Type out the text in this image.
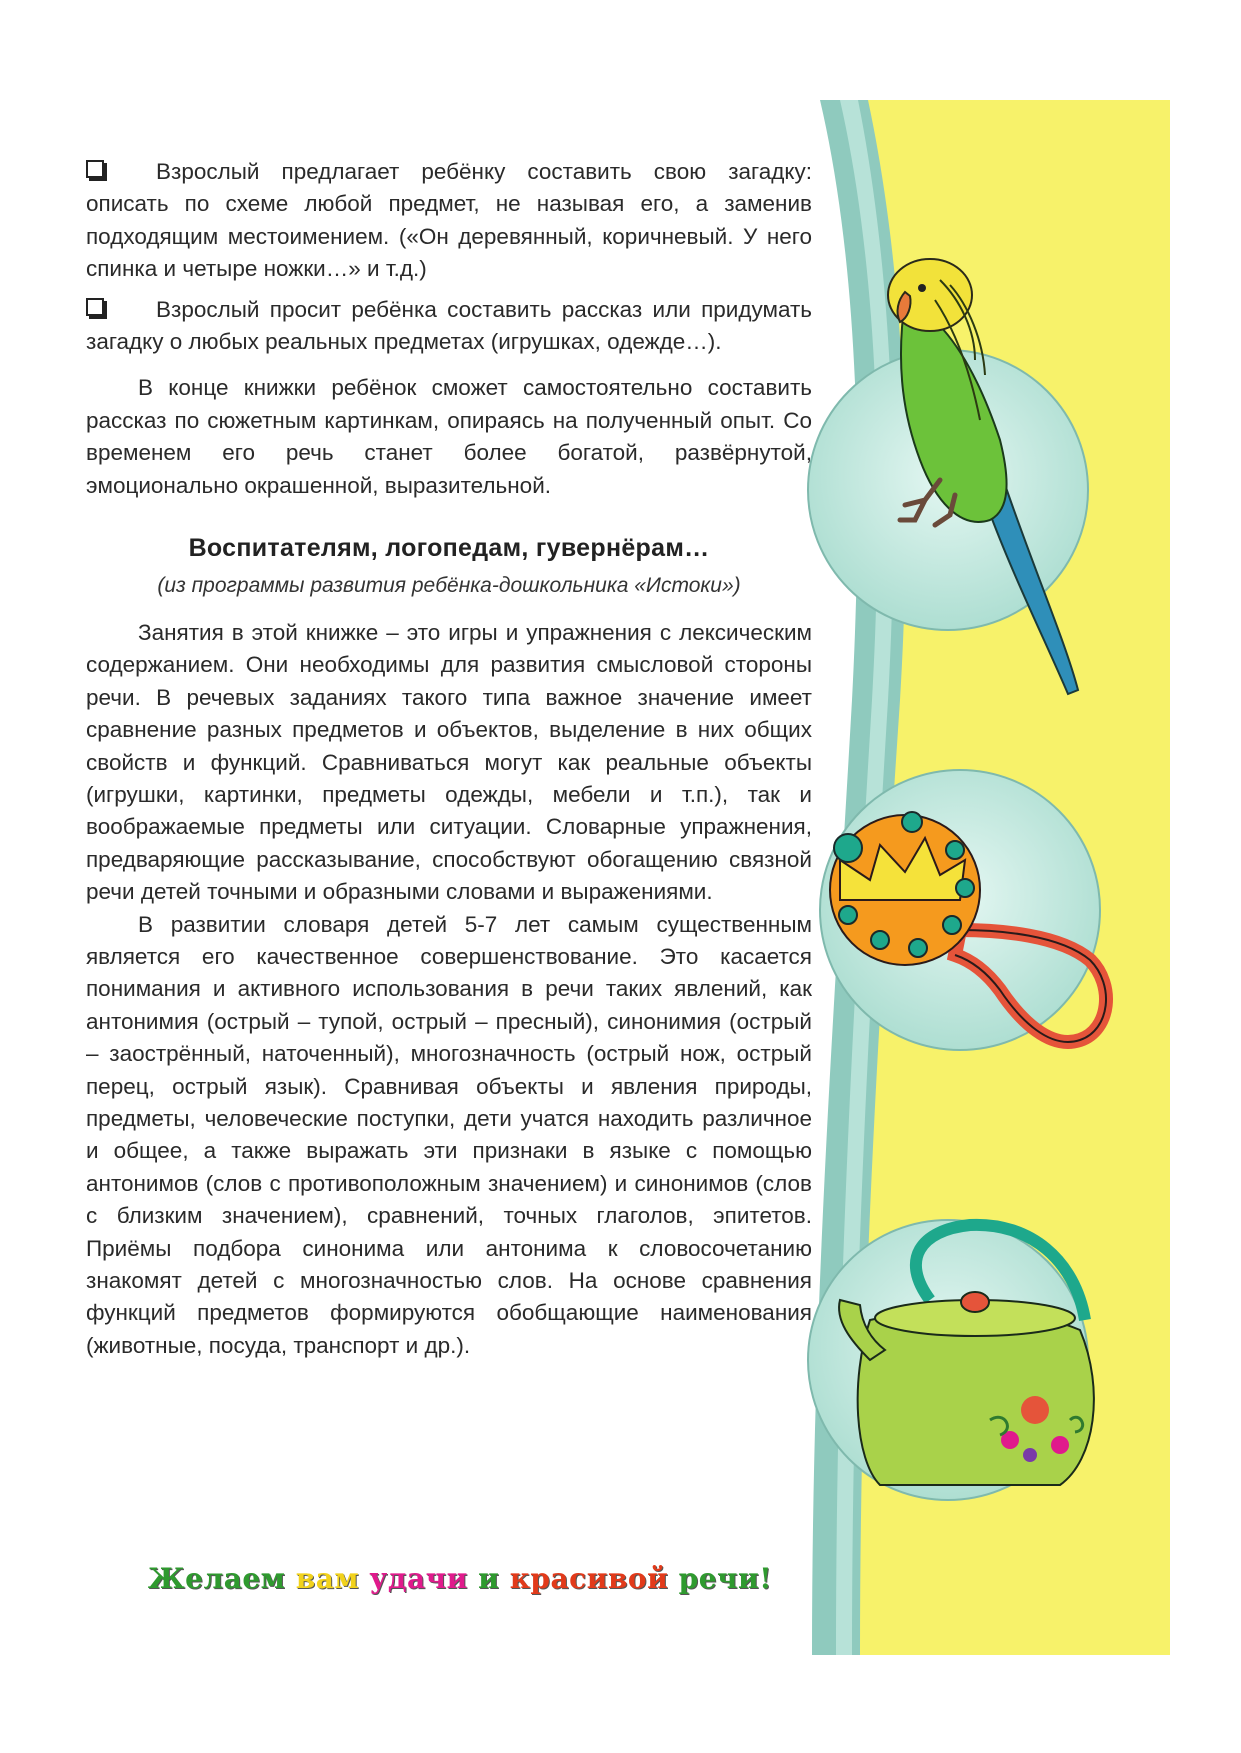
Взрослый предлагает ребёнку составить свою загадку: описать по схеме любой предмет, не называя его, а заменив подходящим местоимением. («Он деревянный, коричневый. У него спинка и четыре ножки…» и т.д.)

Взрослый просит ребёнка составить рассказ или придумать загадку о любых реальных предметах (игрушках, одежде…).

В конце книжки ребёнок сможет самостоятельно составить рассказ по сюжетным картинкам, опираясь на полученный опыт. Со временем его речь станет более богатой, развёрнутой, эмоционально окрашенной, выразительной.

Воспитателям, логопедам, гувернёрам…

(из программы развития ребёнка-дошкольника «Истоки»)

Занятия в этой книжке – это игры и упражнения с лексическим содержанием. Они необходимы для развития смысловой стороны речи. В речевых заданиях такого типа важное значение имеет сравнение разных предметов и объектов, выделение в них общих свойств и функций. Сравниваться могут как реальные объекты (игрушки, картинки, предметы одежды, мебели и т.п.), так и воображаемые предметы или ситуации. Словарные упражнения, предваряющие рассказывание, способствуют обогащению связной речи детей точными и образными словами и выражениями.

В развитии словаря детей 5-7 лет самым существенным является его качественное совершенствование. Это касается понимания и активного использования в речи таких явлений, как антонимия (острый – тупой, острый – пресный), синонимия (острый – заострённый, наточенный), многозначность (острый нож, острый перец, острый язык). Сравнивая объекты и явления природы, предметы, человеческие поступки, дети учатся находить различное и общее, а также выражать эти признаки в языке с помощью антонимов (слов с противоположным значением) и синонимов (слов с близким значением), сравнений, точных глаголов, эпитетов. Приёмы подбора синонима или антонима к словосочетанию знакомят детей с многозначностью слов. На основе сравнения функций предметов формируются обобщающие наименования (животные, посуда, транспорт и др.).

Желаем вам удачи и красивой речи!
